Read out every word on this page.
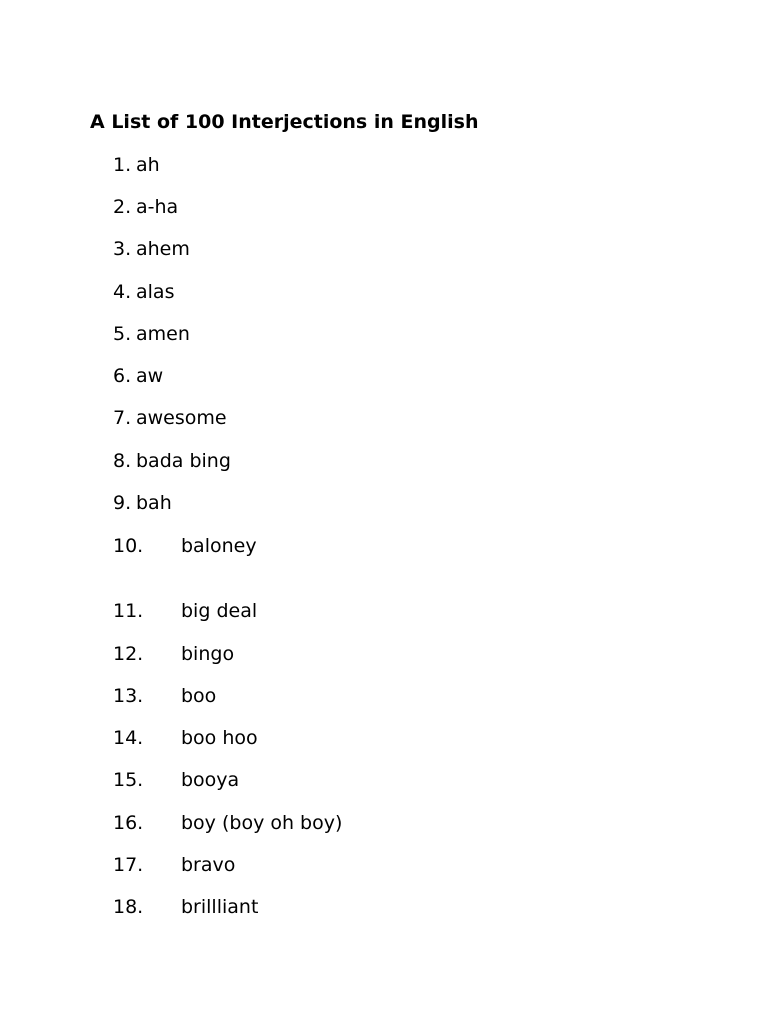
A List of 100 Interjections in English
1. ah
2. a-ha
3. ahem
4. alas
5. amen
6. aw
7. awesome
8. bada bing
9. bah
10. baloney
11. big deal
12. bingo
13. boo
14. boo hoo
15. booya
16. boy (boy oh boy)
17. bravo
18. brillliant
